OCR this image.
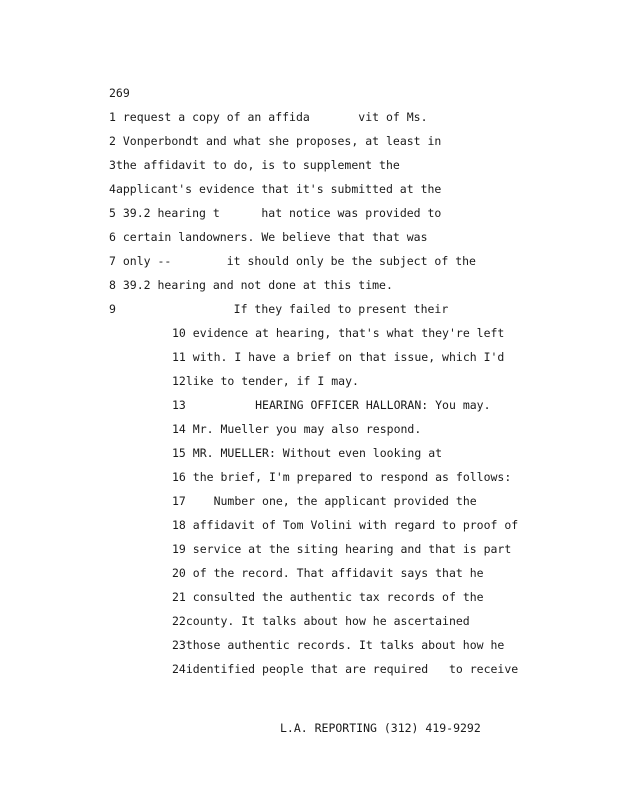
269
1 request a copy of an affida       vit of Ms.
2 Vonperbondt and what she proposes, at least in
3the affidavit to do, is to supplement the
4applicant's evidence that it's submitted at the
5 39.2 hearing t      hat notice was provided to
6 certain landowners. We believe that that was
7 only --        it should only be the subject of the
8 39.2 hearing and not done at this time.
9                 If they failed to present their
10 evidence at hearing, that's what they're left
11 with. I have a brief on that issue, which I'd
12like to tender, if I may.
13          HEARING OFFICER HALLORAN: You may.
14 Mr. Mueller you may also respond.
15 MR. MUELLER: Without even looking at
16 the brief, I'm prepared to respond as follows:
17    Number one, the applicant provided the
18 affidavit of Tom Volini with regard to proof of
19 service at the siting hearing and that is part
20 of the record. That affidavit says that he
21 consulted the authentic tax records of the
22county. It talks about how he ascertained
23those authentic records. It talks about how he
24identified people that are required   to receive
L.A. REPORTING (312) 419-9292
